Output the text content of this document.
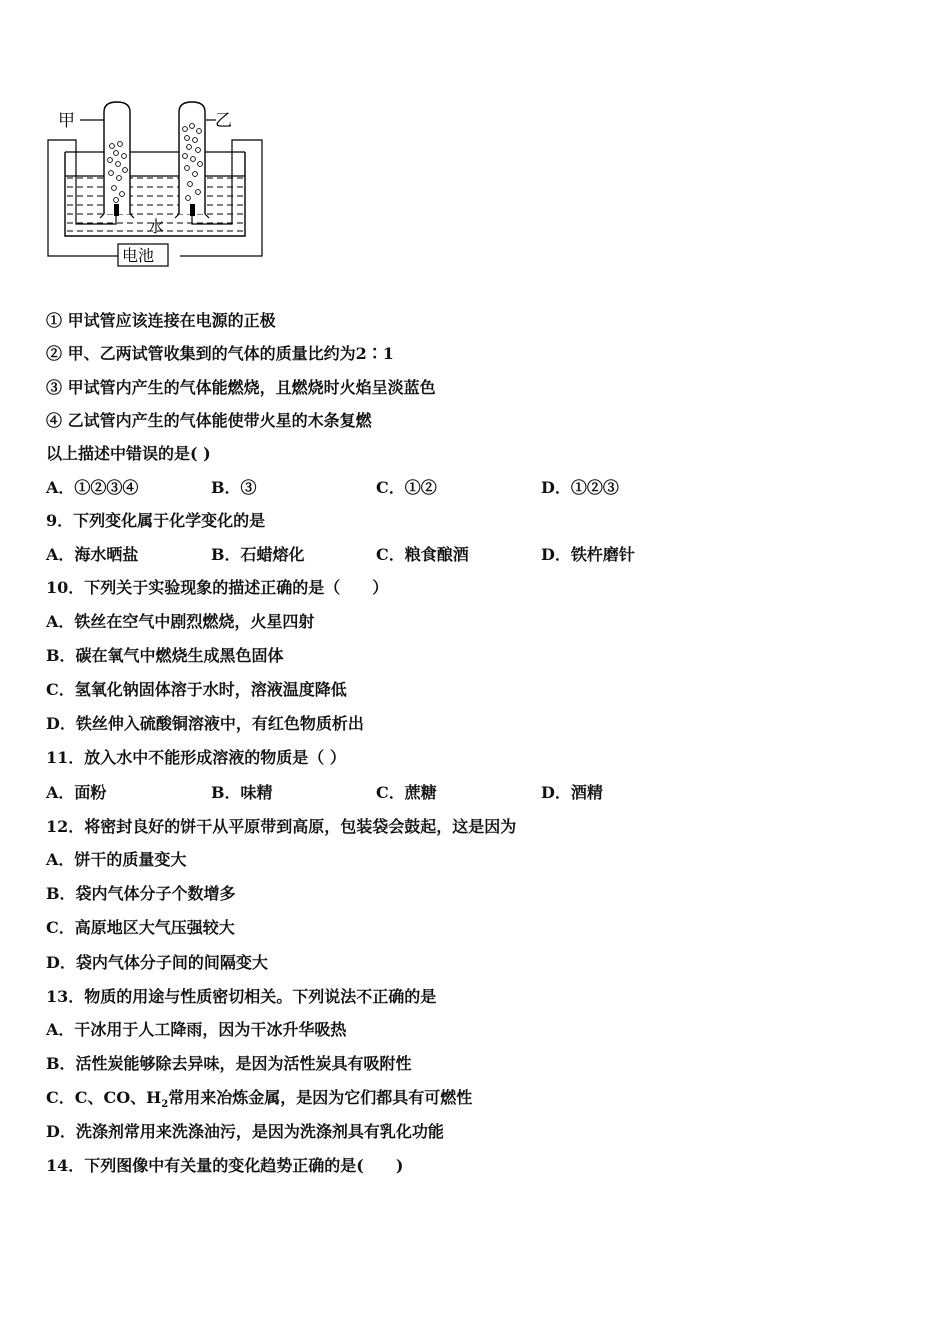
甲	乙
水
电池
① 甲试管应该连接在电源的正极
② 甲、乙两试管收集到的气体的质量比约为2∶1
③ 甲试管内产生的气体能燃烧，且燃烧时火焰呈淡蓝色
④ 乙试管内产生的气体能使带火星的木条复燃
以上描述中错误的是( )
A．①②③④	B．③	C．①②	D．①②③
9．下列变化属于化学变化的是
A．海水晒盐	B．石蜡熔化	C．粮食酿酒	D．铁杵磨针
10．下列关于实验现象的描述正确的是（　　）
A．铁丝在空气中剧烈燃烧，火星四射
B．碳在氧气中燃烧生成黑色固体
C．氢氧化钠固体溶于水时，溶液温度降低
D．铁丝伸入硫酸铜溶液中，有红色物质析出
11．放入水中不能形成溶液的物质是（ ）
A．面粉	B．味精	C．蔗糖	D．酒精
12．将密封良好的饼干从平原带到高原，包装袋会鼓起，这是因为
A．饼干的质量变大
B．袋内气体分子个数增多
C．高原地区大气压强较大
D．袋内气体分子间的间隔变大
13．物质的用途与性质密切相关。下列说法不正确的是
A．干冰用于人工降雨，因为干冰升华吸热
B．活性炭能够除去异味，是因为活性炭具有吸附性
C．C、CO、$H_2$常用来冶炼金属，是因为它们都具有可燃性
D．洗涤剂常用来洗涤油污，是因为洗涤剂具有乳化功能
14．下列图像中有关量的变化趋势正确的是(　　)
